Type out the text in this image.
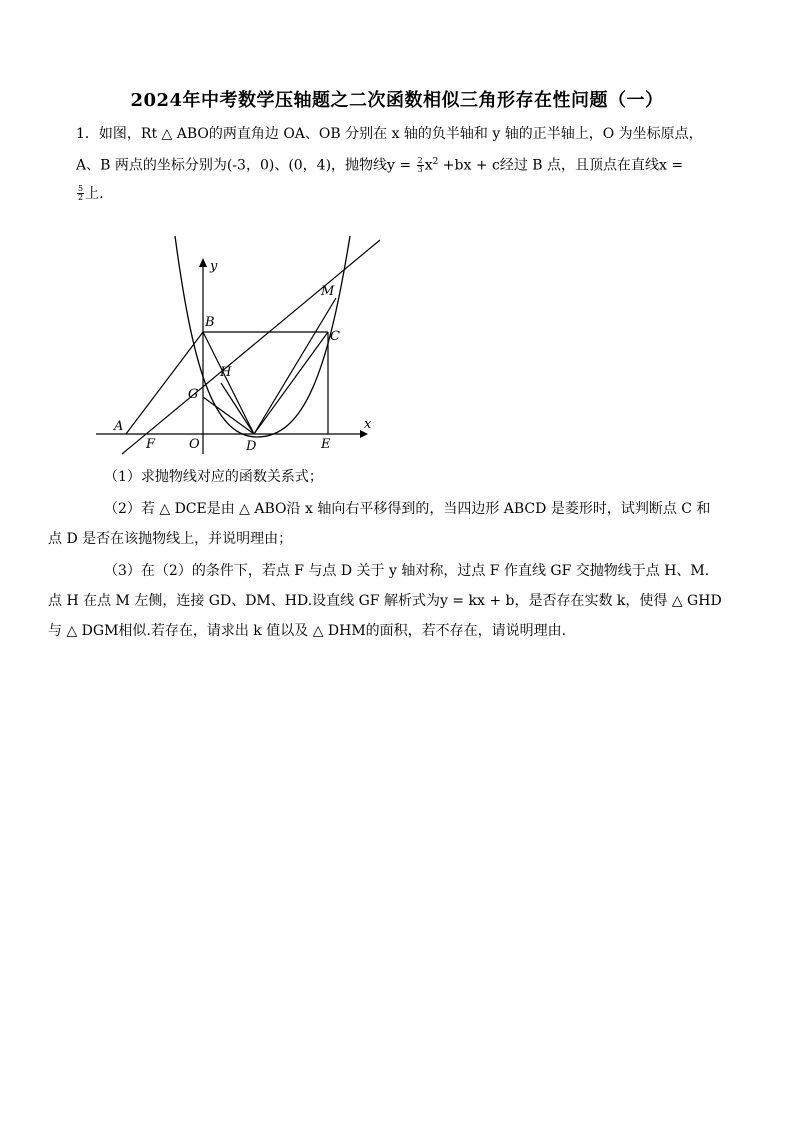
2024年中考数学压轴题之二次函数相似三角形存在性问题（一）
1．如图，Rt △ ABO的两直角边 OA、OB 分别在 x 轴的负半轴和 y 轴的正半轴上，O 为坐标原点，
A、B 两点的坐标分别为(-3，0)、(0，4)，抛物线$y = \frac{2}{3} x^2 +bx + c$经过 B 点，且顶点在直线x =
$\frac{5}{2}$ 上.
y
x
A
B
C
D	E
F
G
H
M
O
（1）求抛物线对应的函数关系式；
（2）若 △ DCE是由 △ ABO沿 x 轴向右平移得到的，当四边形 ABCD 是菱形时，试判断点 C 和
点 D 是否在该抛物线上，并说明理由；
（3）在（2）的条件下，若点 F 与点 D 关于 y 轴对称，过点 F 作直线 GF 交抛物线于点 H、M.
点 H 在点 M 左侧，连接 GD、DM、HD.设直线 GF 解析式为y = kx + b，是否存在实数 k，使得 △ GHD
与 △ DGM相似.若存在，请求出 k 值以及 △ DHM的面积，若不存在，请说明理由.
